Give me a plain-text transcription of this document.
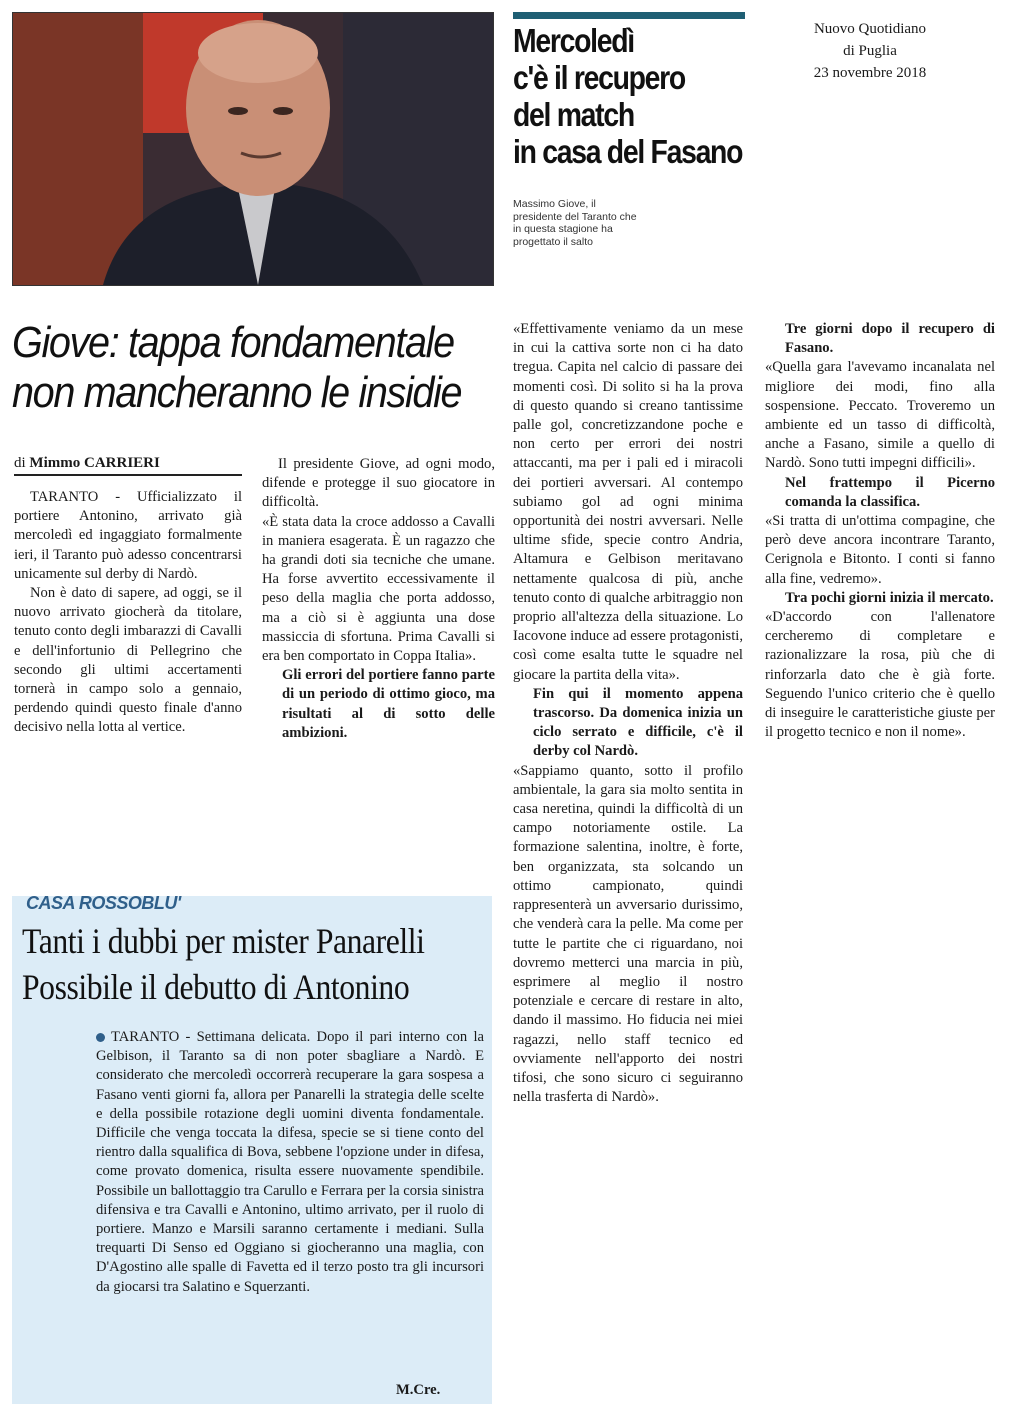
Mercoledì
c'è il recupero
del match
in casa del Fasano
Nuovo Quotidiano
di Puglia
23 novembre 2018
Massimo Giove, il presidente del Taranto che in questa stagione ha progettato il salto
Giove: tappa fondamentale
non mancheranno le insidie
di Mimmo CARRIERI

TARANTO - Ufficializzato il portiere Antonino, arrivato già mercoledì ed ingaggiato formalmente ieri, il Taranto può adesso concentrarsi unicamente sul derby di Nardò.

Non è dato di sapere, ad oggi, se il nuovo arrivato giocherà da titolare, tenuto conto degli imbarazzi di Cavalli e dell'infortunio di Pellegrino che secondo gli ultimi accertamenti tornerà in campo solo a gennaio, perdendo quindi questo finale d'anno decisivo nella lotta al vertice.

Il presidente Giove, ad ogni modo, difende e protegge il suo giocatore in difficoltà.

«È stata data la croce addosso a Cavalli in maniera esagerata. È un ragazzo che ha grandi doti sia tecniche che umane. Ha forse avvertito eccessivamente il peso della maglia che porta addosso, ma a ciò si è aggiunta una dose massiccia di sfortuna. Prima Cavalli si era ben comportato in Coppa Italia».

Gli errori del portiere fanno parte di un periodo di ottimo gioco, ma risultati al di sotto delle ambizioni.

«Effettivamente veniamo da un mese in cui la cattiva sorte non ci ha dato tregua. Capita nel calcio di passare dei momenti così. Di solito si ha la prova di questo quando si creano tantissime palle gol, concretizzandone poche e non certo per errori dei nostri attaccanti, ma per i pali ed i miracoli dei portieri avversari. Al contempo subiamo gol ad ogni minima opportunità dei nostri avversari. Nelle ultime sfide, specie contro Andria, Altamura e Gelbison meritavano nettamente qualcosa di più, anche tenuto conto di qualche arbitraggio non proprio all'altezza della situazione. Lo Iacovone induce ad essere protagonisti, così come esalta tutte le squadre nel giocare la partita della vita».

Fin qui il momento appena trascorso. Da domenica inizia un ciclo serrato e difficile, c'è il derby col Nardò.

«Sappiamo quanto, sotto il profilo ambientale, la gara sia molto sentita in casa neretina, quindi la difficoltà di un campo notoriamente ostile. La formazione salentina, inoltre, è forte, ben organizzata, sta solcando un ottimo campionato, quindi rappresenterà un avversario durissimo, che venderà cara la pelle. Ma come per tutte le partite che ci riguardano, noi dovremo metterci una marcia in più, esprimere al meglio il nostro potenziale e cercare di restare in alto, dando il massimo. Ho fiducia nei miei ragazzi, nello staff tecnico ed ovviamente nell'apporto dei nostri tifosi, che sono sicuro ci seguiranno nella trasferta di Nardò».

Tre giorni dopo il recupero di Fasano.

«Quella gara l'avevamo incanalata nel migliore dei modi, fino alla sospensione. Peccato. Troveremo un ambiente ed un tasso di difficoltà, anche a Fasano, simile a quello di Nardò. Sono tutti impegni difficili».

Nel frattempo il Picerno comanda la classifica.

«Si tratta di un'ottima compagine, che però deve ancora incontrare Taranto, Cerignola e Bitonto. I conti si fanno alla fine, vedremo».

Tra pochi giorni inizia il mercato.

«D'accordo con l'allenatore cercheremo di completare e razionalizzare la rosa, più che di rinforzarla dato che è già forte. Seguendo l'unico criterio che è quello di inseguire le caratteristiche giuste per il progetto tecnico e non il nome».

CASA ROSSOBLU'
Tanti i dubbi per mister Panarelli
Possibile il debutto di Antonino

TARANTO - Settimana delicata. Dopo il pari interno con la Gelbison, il Taranto sa di non poter sbagliare a Nardò. E considerato che mercoledì occorrerà recuperare la gara sospesa a Fasano venti giorni fa, allora per Panarelli la strategia delle scelte e della possibile rotazione degli uomini diventa fondamentale. Difficile che venga toccata la difesa, specie se si tiene conto del rientro dalla squalifica di Bova, sebbene l'opzione under in difesa, come provato domenica, risulta essere nuovamente spendibile. Possibile un ballottaggio tra Carullo e Ferrara per la corsia sinistra difensiva e tra Cavalli e Antonino, ultimo arrivato, per il ruolo di portiere. Manzo e Marsili saranno certamente i mediani. Sulla trequarti Di Senso ed Oggiano si giocheranno una maglia, con D'Agostino alle spalle di Favetta ed il terzo posto tra gli incursori da giocarsi tra Salatino e Squerzanti.

M.Cre.
